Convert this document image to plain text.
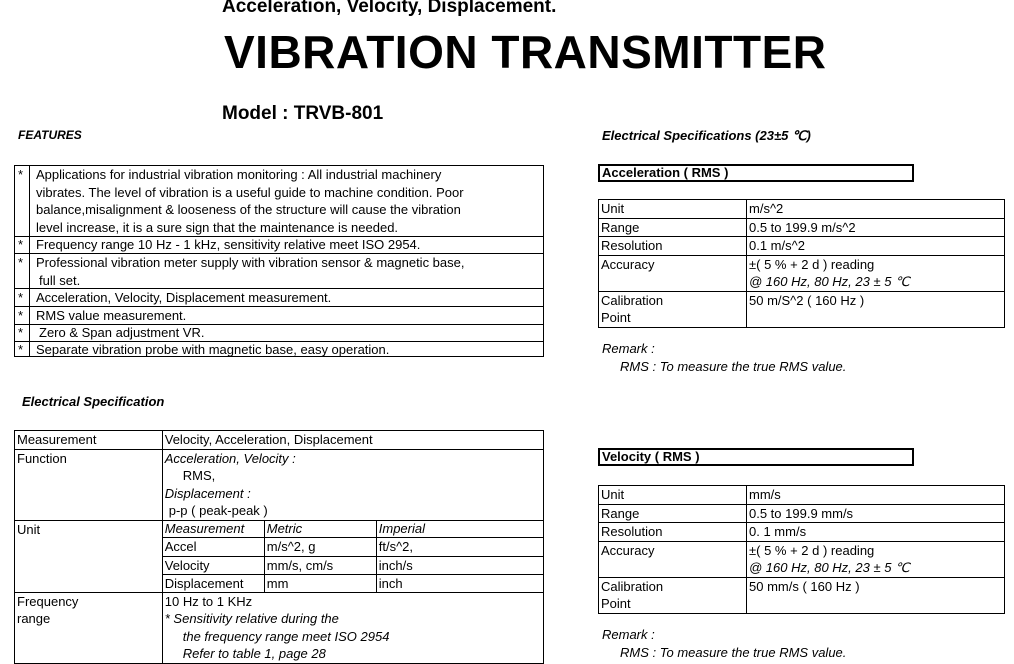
Acceleration, Velocity, Displacement.
VIBRATION TRANSMITTER
Model : TRVB-801
FEATURES
* Applications for industrial vibration monitoring : All industrial machinery
vibrates. The level of vibration is a useful guide to machine condition. Poor
balance,misalignment & looseness of the structure will cause the vibration
level increase, it is a sure sign that the maintenance is needed.
* Frequency range 10 Hz - 1 kHz, sensitivity relative meet ISO 2954.
* Professional vibration meter supply with vibration sensor & magnetic base,
full set.
* Acceleration, Velocity, Displacement measurement.
* RMS value measurement.
* Zero & Span adjustment VR.
* Separate vibration probe with magnetic base, easy operation.
Electrical Specification
Measurement	Velocity, Acceleration, Displacement
Function	Acceleration, Velocity :
RMS,
Displacement :
p-p ( peak-peak )

Unit		Measurement	Metric	Imperial
Accel	m/s^2, g	ft/s^2,
Velocity	mm/s, cm/s	inch/s
Displacement	mm	inch

Frequency
range

10 Hz to 1 KHz
* Sensitivity relative during the
the frequency range meet ISO 2954
Refer to table 1, page 28
Electrical Specifications (23±5 ℃)
Acceleration ( RMS )
Unit	m/s^2
Range	0.5 to 199.9 m/s^2
Resolution	0.1 m/s^2
Accuracy	±( 5 % + 2 d ) reading
@ 160 Hz, 80 Hz, 23 ± 5 ℃

Calibration
Point	50 m/S^2 ( 160 Hz )
Remark :
RMS : To measure the true RMS value.
Velocity ( RMS )
Unit	mm/s
Range	0.5 to 199.9 mm/s
Resolution	0. 1 mm/s
Accuracy	±( 5 % + 2 d ) reading
@ 160 Hz, 80 Hz, 23 ± 5 ℃

Calibration
Point	50 mm/s ( 160 Hz )
Remark :
RMS : To measure the true RMS value.
